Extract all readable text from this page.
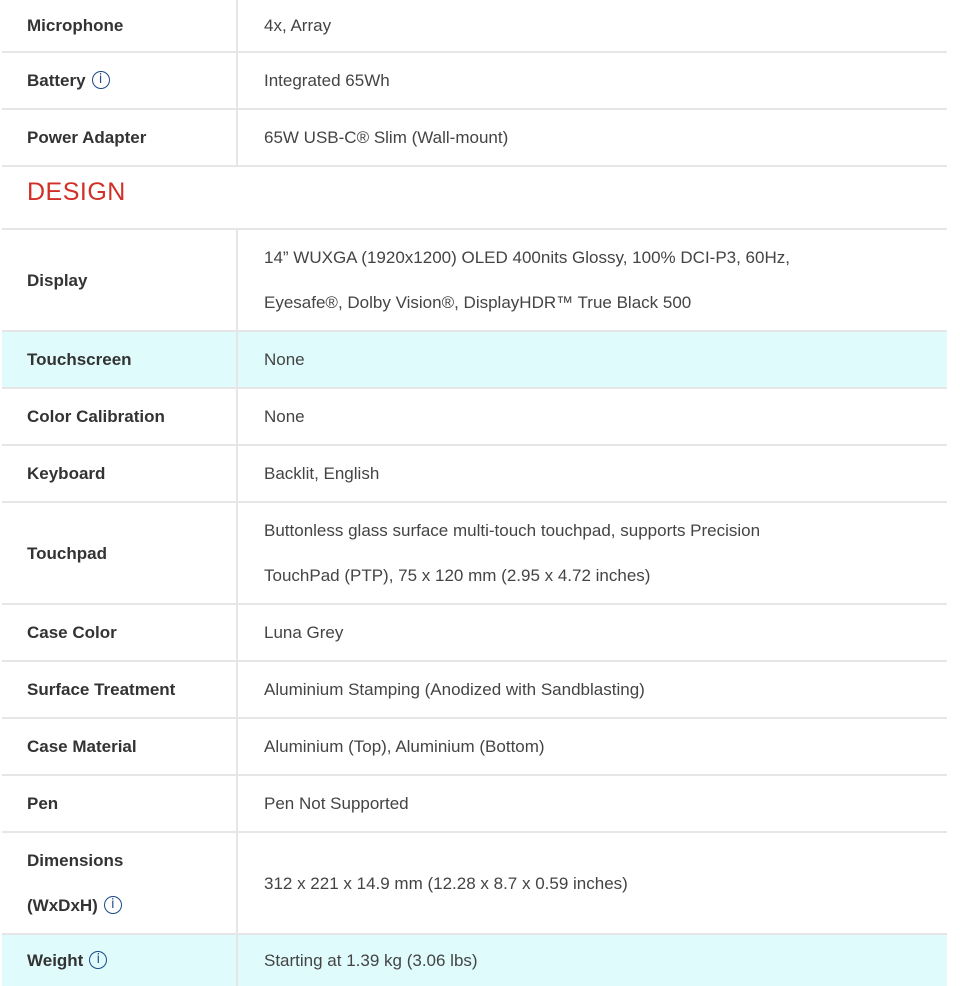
Microphone	4x, Array
Battery i	Integrated 65Wh
Power Adapter	65W USB-C® Slim (Wall-mount)
DESIGN
Display	14” WUXGA (1920x1200) OLED 400nits Glossy, 100% DCI-P3, 60Hz,
Eyesafe®, Dolby Vision®, DisplayHDR™ True Black 500

Touchscreen	None
Color Calibration	None
Keyboard	Backlit, English
Touchpad	Buttonless glass surface multi-touch touchpad, supports Precision
TouchPad (PTP), 75 x 120 mm (2.95 x 4.72 inches)

Case Color	Luna Grey
Surface Treatment	Aluminium Stamping (Anodized with Sandblasting)
Case Material	Aluminium (Top), Aluminium (Bottom)
Pen	Pen Not Supported

Dimensions
(WxDxH) i	312 x 221 x 14.9 mm (12.28 x 8.7 x 0.59 inches)
Weight i	Starting at 1.39 kg (3.06 lbs)
